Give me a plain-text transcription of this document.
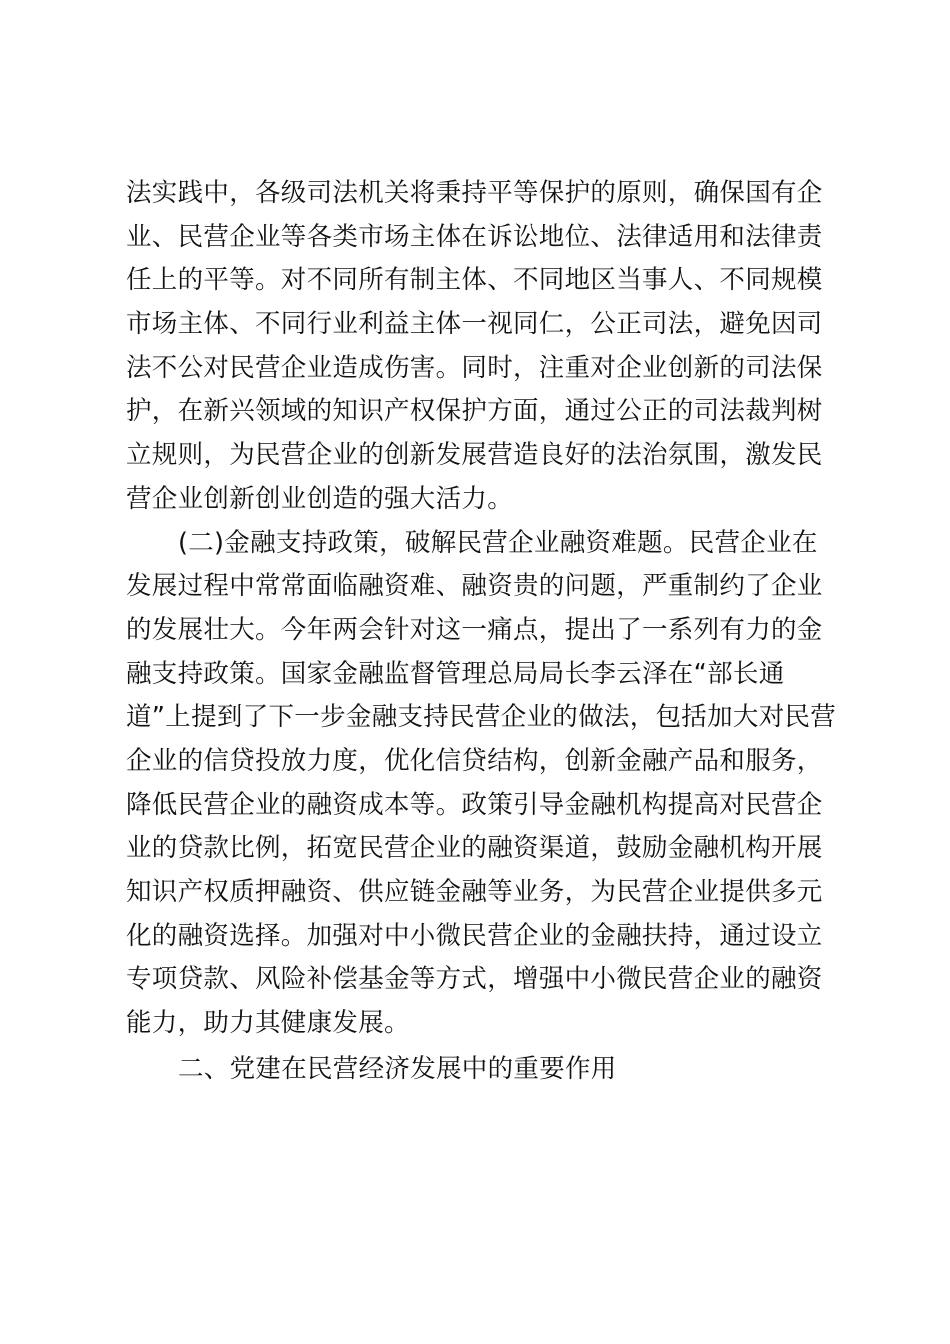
法实践中，各级司法机关将秉持平等保护的原则，确保国有企
业、民营企业等各类市场主体在诉讼地位、法律适用和法律责
任上的平等。对不同所有制主体、不同地区当事人、不同规模
市场主体、不同行业利益主体一视同仁，公正司法，避免因司
法不公对民营企业造成伤害。同时，注重对企业创新的司法保
护，在新兴领域的知识产权保护方面，通过公正的司法裁判树
立规则，为民营企业的创新发展营造良好的法治氛围，激发民
营企业创新创业创造的强大活力。
(二)金融支持政策，破解民营企业融资难题。民营企业在
发展过程中常常面临融资难、融资贵的问题，严重制约了企业
的发展壮大。今年两会针对这一痛点，提出了一系列有力的金
融支持政策。国家金融监督管理总局局长李云泽在“部长通
道”上提到了下一步金融支持民营企业的做法，包括加大对民营
企业的信贷投放力度，优化信贷结构，创新金融产品和服务，
降低民营企业的融资成本等。政策引导金融机构提高对民营企
业的贷款比例，拓宽民营企业的融资渠道，鼓励金融机构开展
知识产权质押融资、供应链金融等业务，为民营企业提供多元
化的融资选择。加强对中小微民营企业的金融扶持，通过设立
专项贷款、风险补偿基金等方式，增强中小微民营企业的融资
能力，助力其健康发展。
二、党建在民营经济发展中的重要作用
